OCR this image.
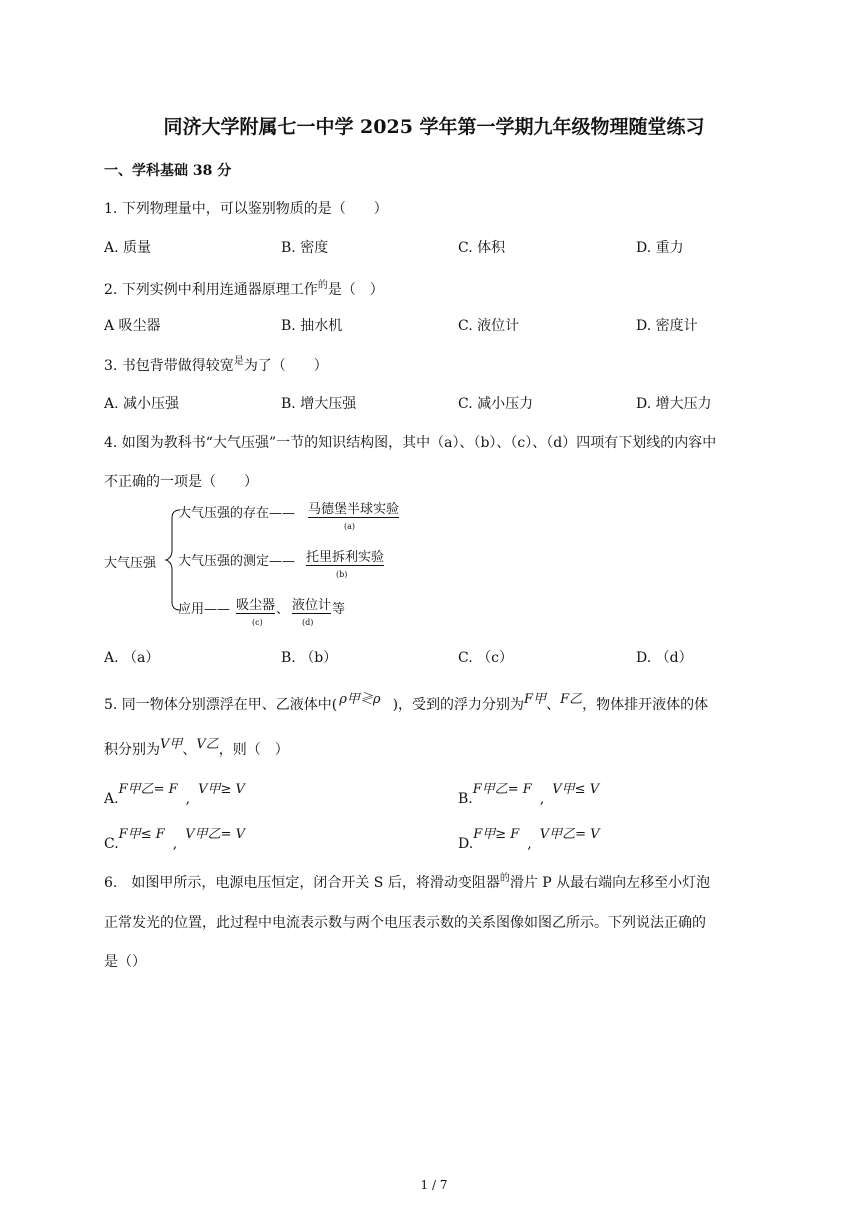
同济大学附属七一中学 2025 学年第一学期九年级物理随堂练习
一、学科基础 38 分
1. 下列物理量中，可以鉴别物质的是（　　）
A. 质量	B. 密度	C. 体积	D. 重力
2. 下列实例中利用连通器原理工作$^的$是（　）
A 吸尘器	B. 抽水机	C. 液位计	D. 密度计
3. 书包背带做得较宽$^是$为了（　　）
A. 减小压强	B. 增大压强	C. 减小压力	D. 增大压力
4. 如图为教科书“大气压强”一节的知识结构图，其中（a）、（b）、（c）、（d）四项有下划线的内容中
不正确的一项是（　　）
大气压强
大气压强的存在—— 马德堡半球实验
(a)
大气压强的测定—— 托里拆利实验
(b)
应用—— 吸尘器
(c)
、 液位计
(d)
等
A. （a）	B. （b）	C. （c）	D. （d）
5. 同一物体分别漂浮在甲、乙液体中( ρ甲≷ρ )，受到的浮力分别为F甲、F乙，物体排开液体的体
积分别为V甲、V乙，则（　）
A.F甲乙= F,V甲≥ V
B.F甲乙= F,V甲≤ V
C.F甲≤ F,V甲乙= V
D.F甲≥ F,V甲乙= V
6.　如图甲所示，电源电压恒定，闭合开关 S 后，将滑动变阻器$^的$滑片 P 从最右端向左移至小灯泡
正常发光的位置，此过程中电流表示数与两个电压表示数的关系图像如图乙所示。下列说法正确的
是（）
1 / 7
